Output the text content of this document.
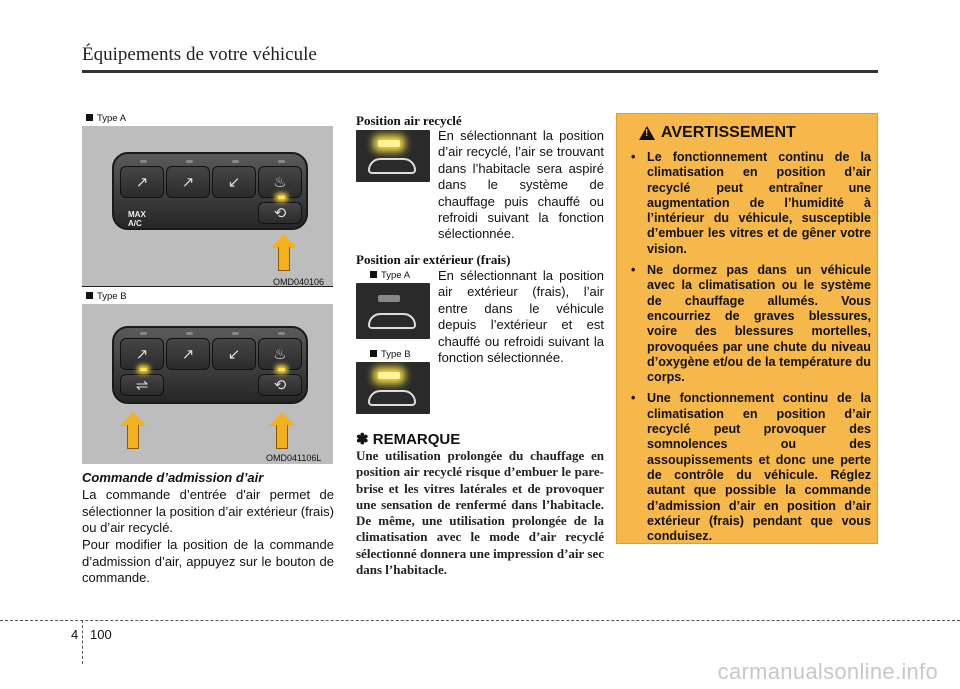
Équipements de votre véhicule
Type A
↗	↗	↙	♨
MAX
A/C
⟲
OMD040106
Type B
↗	↗	↙	♨
⇌	⟲
OMD041106L
Commande d’admission d’air
La commande d’entrée d'air permet de sélectionner la position d’air extérieur (frais) ou d’air recyclé.
Pour modifier la position de la commande d’admission d’air, appuyez sur le bouton de commande.
Position air recyclé
En sélectionnant la position d’air recyclé, l’air se trouvant dans l’habitacle sera aspiré dans le système de chauffage puis chauffé ou refroidi suivant la fonction sélectionnée.
Position air extérieur (frais)
Type A
Type B
En sélectionnant la position air extérieur (frais), l’air entre dans le véhicule depuis l’extérieur et est chauffé ou refroidi suivant la fonction sélectionnée.
✽ REMARQUE
Une utilisation prolongée du chauffage en position air recyclé risque d’embuer le pare-brise et les vitres latérales et de provoquer une sensation de renfermé dans l’habitacle. De même, une utilisation prolongée de la climatisation avec le mode d’air recyclé sélectionné donnera une impression d’air sec dans l’habitacle.
! AVERTISSEMENT
• Le fonctionnement continu de la climatisation en position d’air recyclé peut entraîner une augmentation de l’humidité à l’intérieur du véhicule, susceptible d’embuer les vitres et de gêner votre vision.
• Ne dormez pas dans un véhicule avec la climatisation ou le système de chauffage allumés. Vous encourriez de graves blessures, voire des blessures mortelles, provoquées par une chute du niveau d’oxygène et/ou de la température du corps.
• Une fonctionnement continu de la climatisation en position d’air recyclé peut provoquer des somnolences ou des assoupissements et donc une perte de contrôle du véhicule. Réglez autant que possible la commande d’admission d’air en position d’air extérieur (frais) pendant que vous conduisez.
4 100
carmanualsonline.info
